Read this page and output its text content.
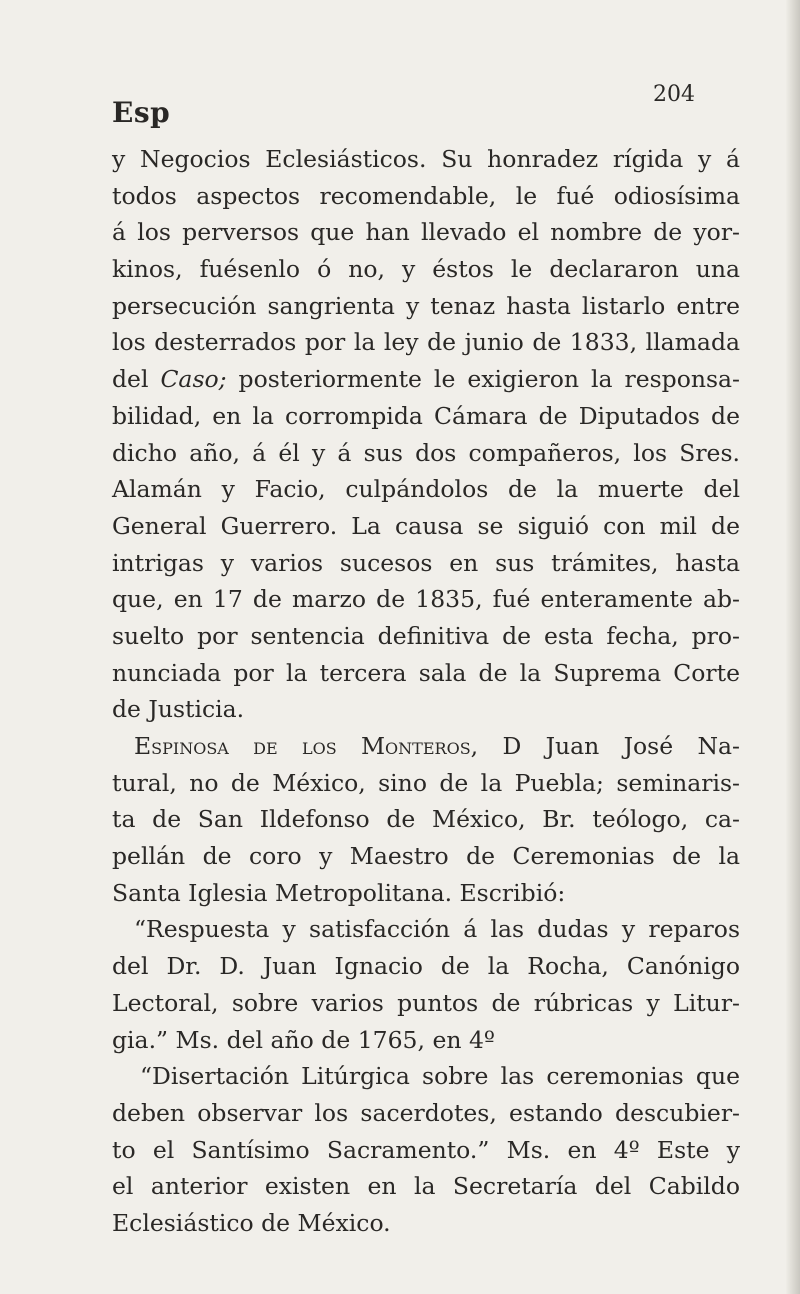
Esp
204
y Negocios Eclesiásticos. Su honradez rígida y á
todos aspectos recomendable, le fué odiosísima
á los perversos que han llevado el nombre de yor-
kinos, fuésenlo ó no, y éstos le declararon una
persecución sangrienta y tenaz hasta listarlo entre
los desterrados por la ley de junio de 1833, llamada
del Caso; posteriormente le exigieron la responsa-
bilidad, en la corrompida Cámara de Diputados de
dicho año, á él y á sus dos compañeros, los Sres.
Alamán y Facio, culpándolos de la muerte del
General Guerrero. La causa se siguió con mil de
intrigas y varios sucesos en sus trámites, hasta
que, en 17 de marzo de 1835, fué enteramente ab-
suelto por sentencia definitiva de esta fecha, pro-
nunciada por la tercera sala de la Suprema Corte
de Justicia.
Espinosa de los Monteros, D Juan José Na-
tural, no de México, sino de la Puebla; seminaris-
ta de San Ildefonso de México, Br. teólogo, ca-
pellán de coro y Maestro de Ceremonias de la
Santa Iglesia Metropolitana. Escribió:
“Respuesta y satisfacción á las dudas y reparos
del Dr. D. Juan Ignacio de la Rocha, Canónigo
Lectoral, sobre varios puntos de rúbricas y Litur-
gia.” Ms. del año de 1765, en 4º
“Disertación Litúrgica sobre las ceremonias que
deben observar los sacerdotes, estando descubier-
to el Santísimo Sacramento.” Ms. en 4º Este y
el anterior existen en la Secretaría del Cabildo
Eclesiástico de México.
